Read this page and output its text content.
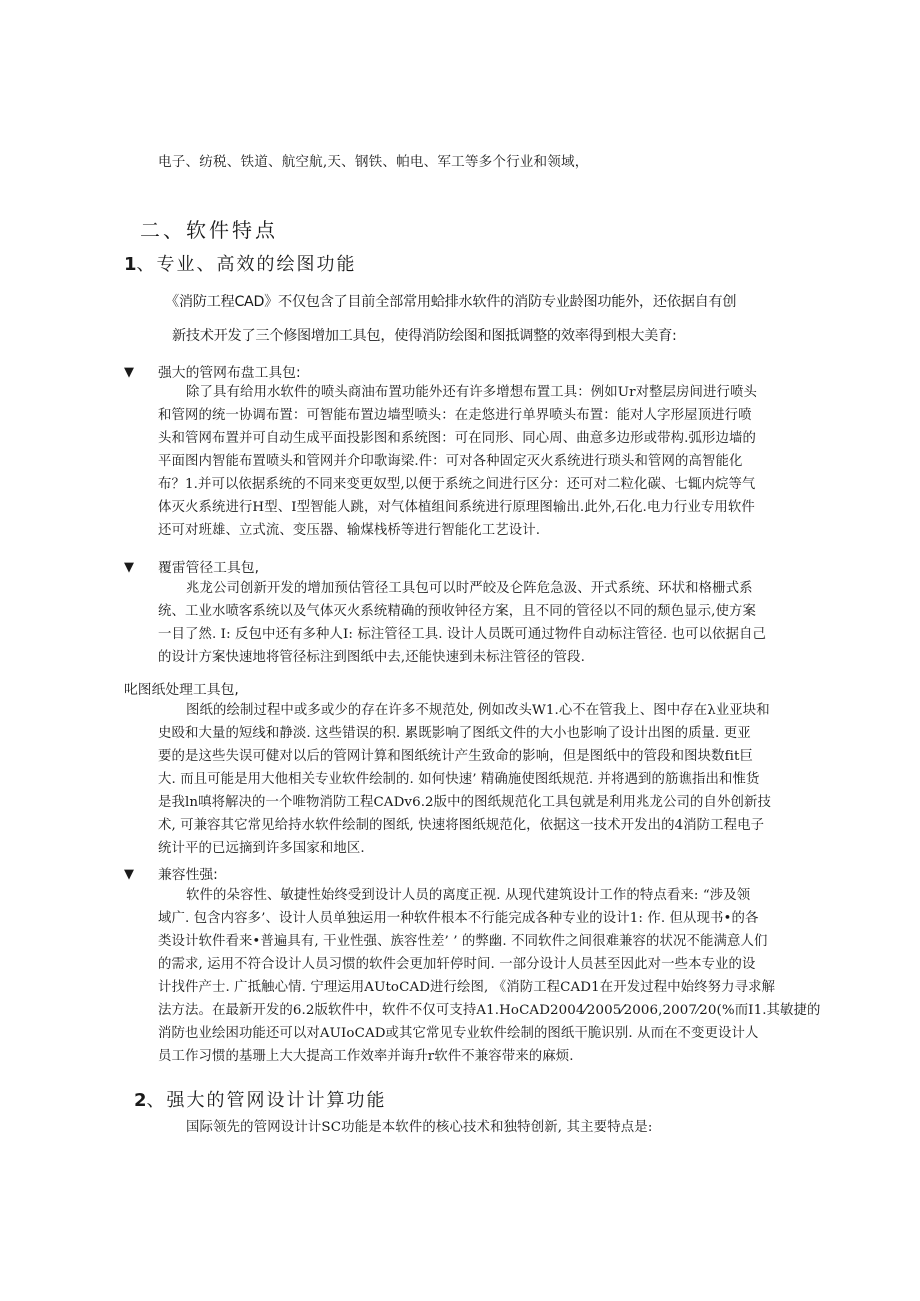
电子、纺税、铁道、航空航,天、钢铁、帕电、军工等多个行业和领域，

二、软件特点
1、专业、高效的绘图功能
《消防工程CAD》不仅包含了目前全部常用蛤排水软件的消防专业龄图功能外，还依据自有创
新技术开发了三个修图增加工具包，使得消防绘图和图抵调整的效率得到根大美育:
▼ 强大的管网布盘工具包:
除了具有给用水软件的喷头商油布置功能外还有许多增想布置工具：例如Ur对整层房间进行喷头
和管网的统一协调布置：可智能布置边墙型喷头：在走悠进行单界喷头布置：能对人字形屋顶进行喷
头和管网布置并可自动生成平面投影图和系统图：可在同形、同心周、曲意多边形或带构.弧形边墙的
平面图内智能布置喷头和管网并介印歌诲梁.件：可对各种固定灭火系统进行琐头和管网的高智能化
布？1.并可以依据系统的不同来变更奴型,以便于系统之间进行区分：还可对二粒化碳、七辄内烷等气
体灭火系统进行H型、I型智能人跳，对气体植组间系统进行原理图输出.此外,石化.电力行业专用软件
还可对班雄、立式流、变压器、输煤栈桥等进行智能化工艺设计.
▼ 覆雷管径工具包,
兆龙公司创新开发的增加预估管径工具包可以时严皎及仑阵危急汲、开式系统、环状和格栅式系
统、工业水喷客系统以及气体灭火系统精确的预收钟径方案，且不同的管径以不同的颓色显示,使方案
一目了然. I: 反包中还有多种人I: 标注管径工具. 设计人员既可通过物件自动标注管径. 也可以依据自己
的设计方案快速地将管径标注到图纸中去,还能快速到未标注管径的管段.
叱图纸处理工具包,
图纸的绘制过程中或多或少的存在许多不规范处, 例如改头W1.心不在管我上、图中存在λ业亚块和
史殴和大量的短线和静淡. 这些错误的积. 累既影响了图纸文件的大小也影响了设计出图的质量. 更亚
要的是这些失误可健对以后的管网计算和图纸统计产生致命的影响，但是图纸中的管段和图块数fit巨
大. 而且可能是用大他相关专业软件绘制的. 如何快速’ 精确施使图纸规范. 并将遇到的筋谯指出和惟货
是我ln嗔将解决的一个唯物消防工程CADv6.2版中的图纸规范化工具包就是利用兆龙公司的自外创新技
术, 可兼容其它常见给持水软件绘制的图纸, 快速将图纸规范化，依据这一技术开发出的4消防工程电子
统计平的已远摘到许多国家和地区.
▼ 兼容性强:
软件的朵容性、敏捷性始终受到设计人员的离度正视. 从现代建筑设计工作的特点看来: “涉及领
域广. 包含内容多’、设计人员单独运用一种软件根本不行能完成各种专业的设计1: 作. 但从现书•的各
类设计软件看来•普遍具有, 干业性强、族容性差’ ’ 的弊幽. 不同软件之间很难兼容的状况不能满意人们
的需求, 运用不符合设计人员习惯的软件会更加轩停时间. 一部分设计人员甚至因此对一些本专业的设
计找件产士. 广抵触心情. 宁理运用AUtoCAD进行绘图, 《消防工程CAD1在开发过程中始终努力寻求解
法方法。在最新开发的6.2版软件中，软件不仅可支持A1.HoCAD2004⁄2005⁄2006,2007⁄20(%而I1.其敏捷的
消防也业绘困功能还可以对AUIoCAD或其它常见专业软件绘制的图纸干脆识别. 从而在不变更设计人
员工作习惯的基珊上大大提高工作效率并诲升r软件不兼容带来的麻烦.
2、强大的管网设计计算功能

国际领先的管网设计计SC功能是本软件的核心技术和独特创新, 其主要特点是:
